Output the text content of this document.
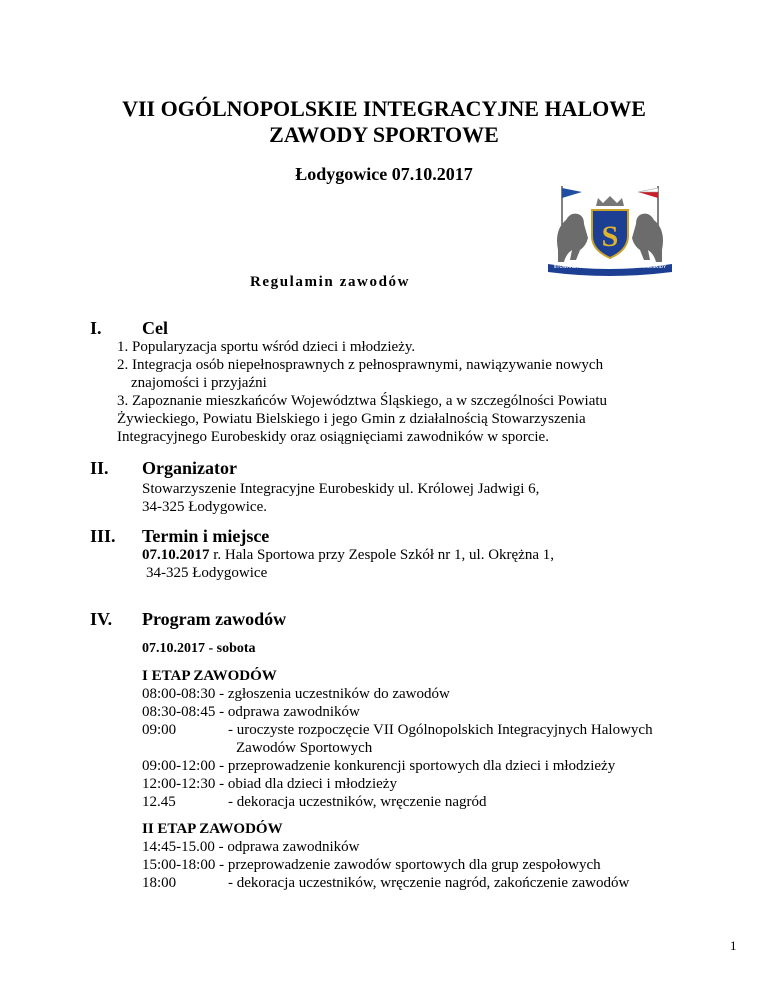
VII OGÓLNOPOLSKIE INTEGRACYJNE HALOWE
ZAWODY SPORTOWE
Łodygowice 07.10.2017
S
STOWARZYSZENIE INTEGRACYJNE EUROBESKIDY
Regulamin zawodów
I. Cel
1. Popularyzacja sportu wśród dzieci i młodzieży.
2. Integracja osób niepełnosprawnych z pełnosprawnymi, nawiązywanie nowych
znajomości i przyjaźni
3. Zapoznanie mieszkańców Województwa Śląskiego, a w szczególności Powiatu
Żywieckiego, Powiatu Bielskiego i jego Gmin z działalnością Stowarzyszenia
Integracyjnego Eurobeskidy oraz osiągnięciami zawodników w sporcie.
II. Organizator
Stowarzyszenie Integracyjne Eurobeskidy ul. Królowej Jadwigi 6,
34-325 Łodygowice.
III. Termin i miejsce
07.10.2017 r. Hala Sportowa przy Zespole Szkół nr 1, ul. Okrężna 1,
34-325 Łodygowice
IV. Program zawodów
07.10.2017 - sobota
I ETAP ZAWODÓW
08:00-08:30 - zgłoszenia uczestników do zawodów
08:30-08:45 - odprawa zawodników
09:00	- uroczyste rozpoczęcie VII Ogólnopolskich Integracyjnych Halowych
Zawodów Sportowych
09:00-12:00 - przeprowadzenie konkurencji sportowych dla dzieci i młodzieży
12:00-12:30 - obiad dla dzieci i młodzieży
12.45	- dekoracja uczestników, wręczenie nagród
II ETAP ZAWODÓW
14:45-15.00 - odprawa zawodników
15:00-18:00 - przeprowadzenie zawodów sportowych dla grup zespołowych
18:00	- dekoracja uczestników, wręczenie nagród, zakończenie zawodów
1
